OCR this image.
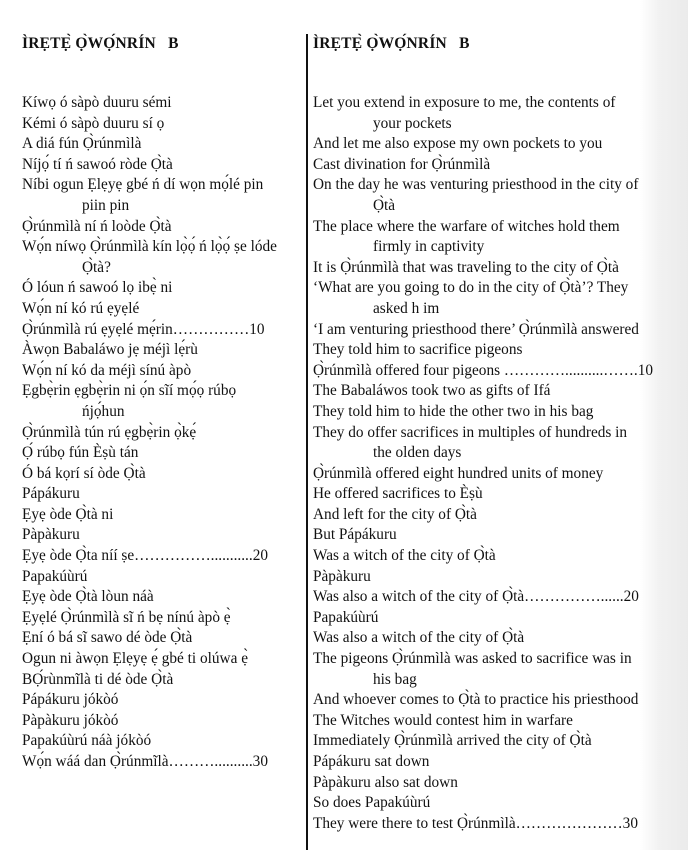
ÌRẸTẸ̀ Ọ̀WỌ́NRÍN   B
Kíwọ ó sàpò duuru sémi
Kémi ó sàpò duuru sí ọ
A diá fún Ọ̀rúnmìlà
Níjọ́ tí ń sawoó ròde Ọ̀tà
Níbi ogun Ẹlẹyẹ gbé ń dí wọn mọ́lé pin
piin pin
Ọ̀rúnmìlà ní ń loòde Ọ̀tà
Wọ́n níwọ Ọ̀rúnmìlà kín lọ̀ọ́ ń lọ̀ọ́ ṣe lóde
Ọ̀tà?
Ó lóun ń sawoó lọ ibẹ̀ ni
Wọ́n ní kó rú ẹyẹlé
Ọ̀rúnmìlà rú ẹyẹlé mẹ́rin……………10
Àwọn Babaláwo jẹ méjì lẹ́rù
Wọ́n ní kó da méjì sínú àpò
Ẹgbẹ̀rin ẹgbẹ̀rin ni ọ́n sĩí mọ́ọ rúbọ
ńjọ́hun
Ọ̀rúnmìlà tún rú ẹgbẹ̀rin ọ̀kẹ́
Ọ́ rúbọ fún Èṣù tán
Ó bá kọrí sí òde Ọ̀tà
Pápákuru
Ẹyẹ òde Ọ̀tà ni
Pàpàkuru
Ẹyẹ òde Ọ̀ta níí ṣe……………...........20
Papakúùrú
Ẹyẹ òde Ọ̀tà lòun náà
Ẹyẹlé Ọ̀rúnmìlà sĩ ń bẹ nínú àpò ẹ̀
Ẹní ó bá sĩ sawo dé òde Ọ̀tà
Ogun ni àwọn Ẹlẹyẹ ẹ́ gbé ti olúwa ẹ̀
BỌ́rùnmĩlà ti dé òde Ọ̀tà
Pápákuru jókòó
Pàpàkuru jókòó
Papakúùrú náà jókòó
Wọ́n wáá dan Ọ̀rúnmĩlà………..........30
ÌRẸTẸ̀ Ọ̀WỌ́NRÍN   B
Let you extend in exposure to me, the contents of
your pockets
And let me also expose my own pockets to you
Cast divination for Ọ̀rúnmìlà
On the day he was venturing priesthood in the city of
Ọ̀tà
The place where the warfare of witches hold them
firmly in captivity
It is Ọ̀rúnmìlà that was traveling to the city of Ọ̀tà
‘What are you going to do in the city of Ọ̀tà’? They
asked h im
‘I am venturing priesthood there’ Ọ̀rúnmìlà answered
They told him to sacrifice pigeons
Ọ̀rúnmìlà offered four pigeons …………..........…….10
The Babaláwos took two as gifts of Ifá
They told him to hide the other two in his bag
They do offer sacrifices in multiples of hundreds in
the olden days
Ọ̀rúnmìlà offered eight hundred units of money
He offered sacrifices to Èṣù
And left for the city of Ọ̀tà
But Pápákuru
Was a witch of the city of Ọ̀tà
Pàpàkuru
Was also a witch of the city of Ọ̀tà……………......20
Papakúùrú
Was also a witch of the city of Ọ̀tà
The pigeons Ọ̀rúnmìlà was asked to sacrifice was in
his bag
And whoever comes to Ọ̀tà to practice his priesthood
The Witches would contest him in warfare
Immediately Ọ̀rúnmìlà arrived the city of Ọ̀tà
Pápákuru sat down
Pàpàkuru also sat down
So does Papakúùrú
They were there to test Ọ̀rúnmìlà…………………30
